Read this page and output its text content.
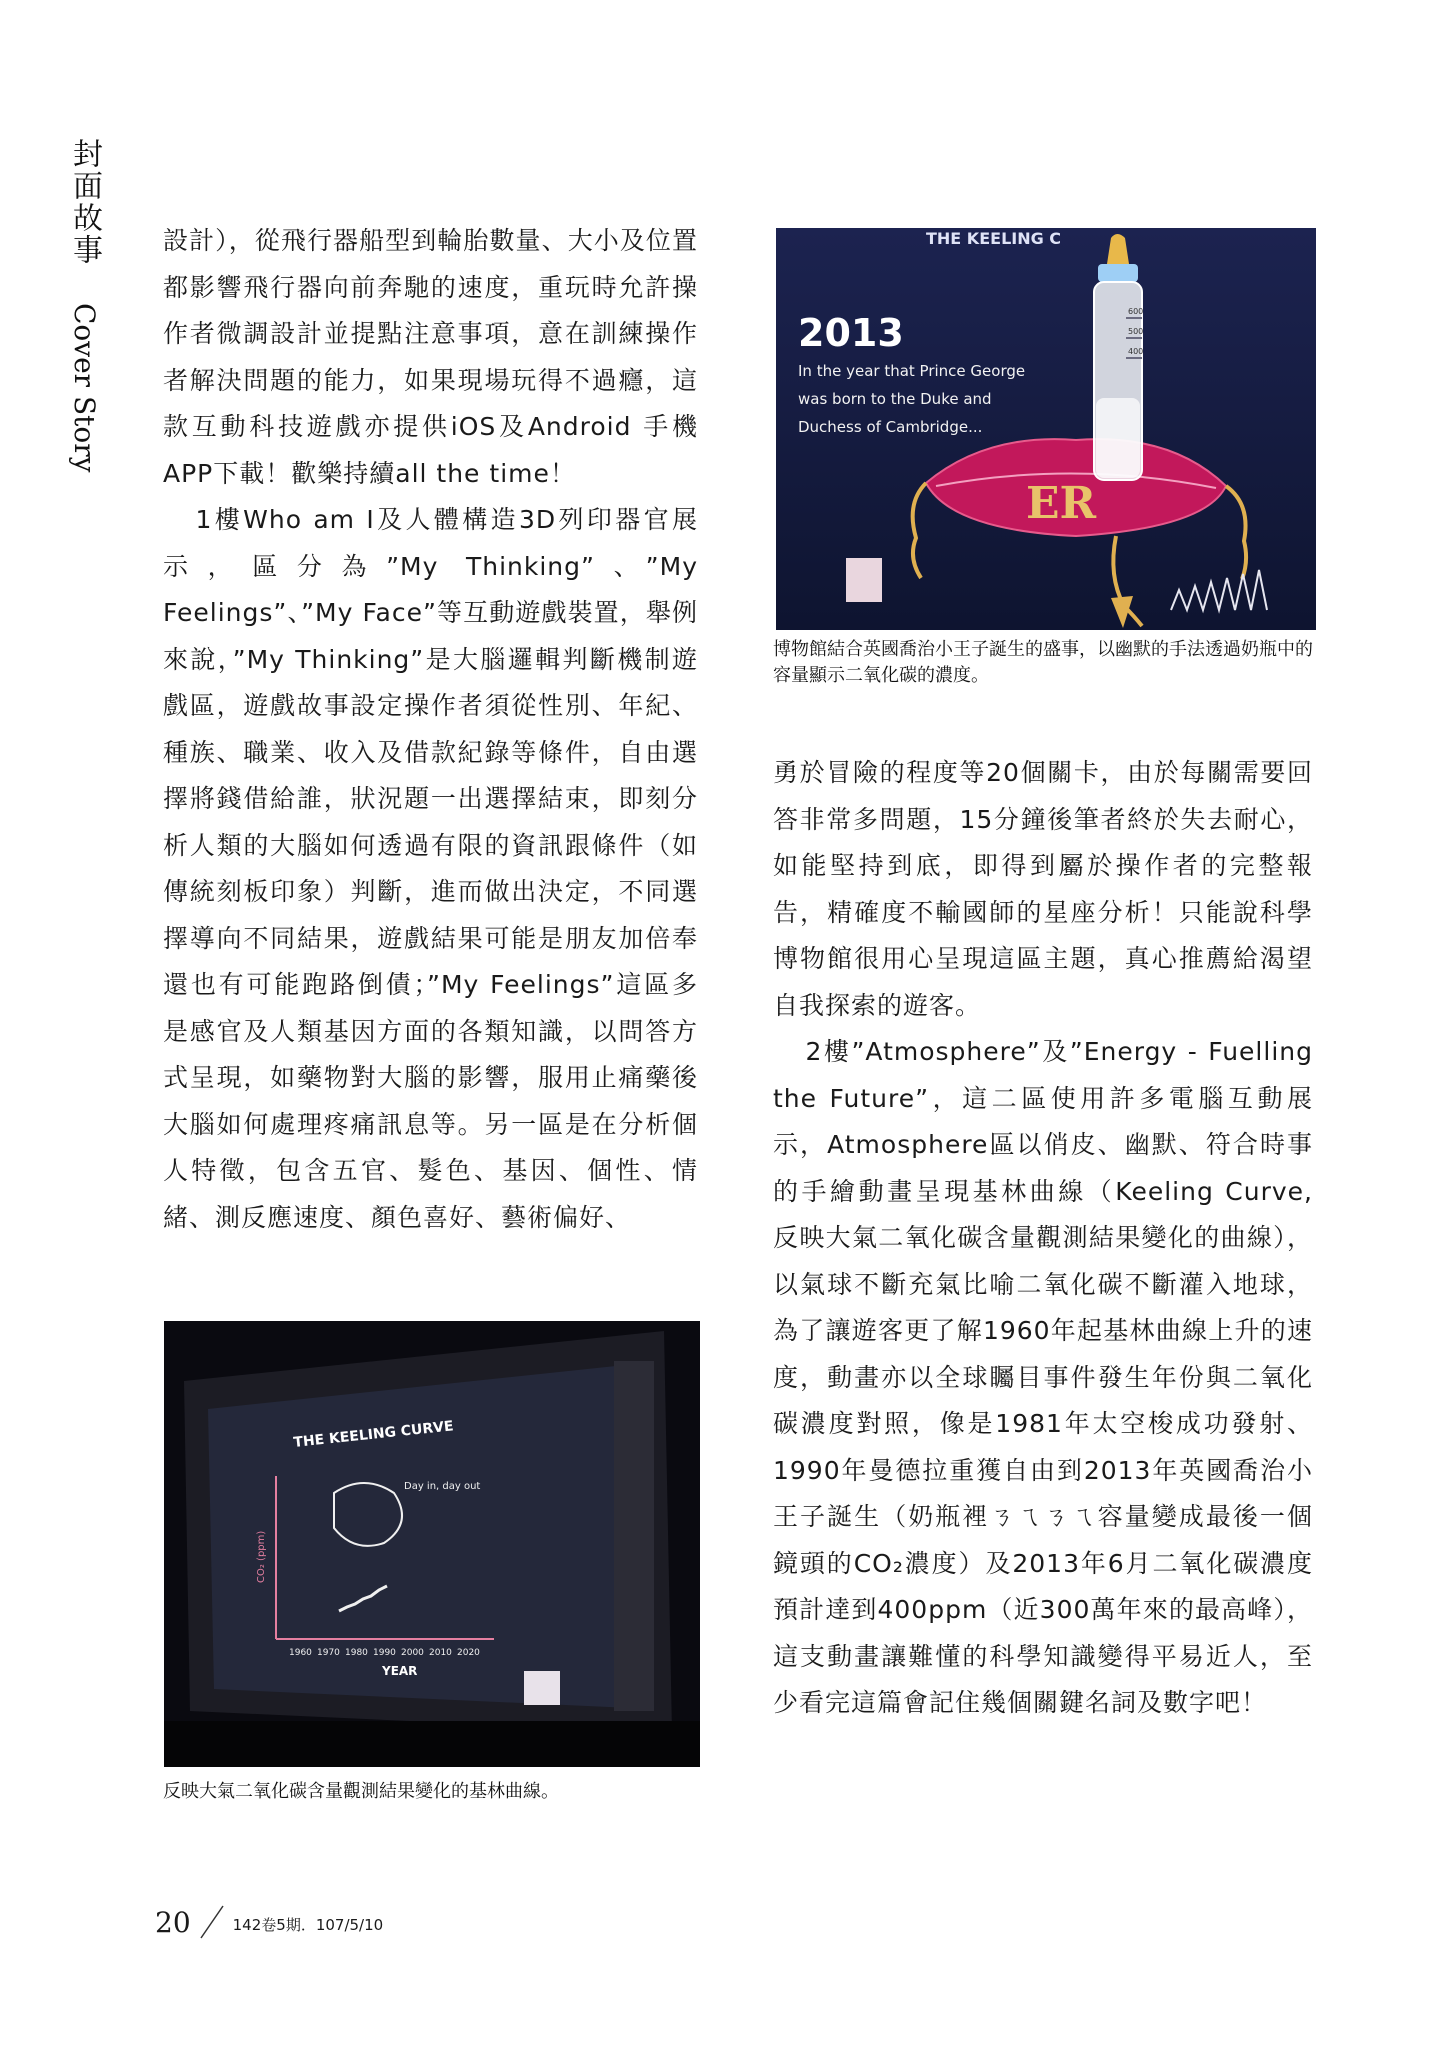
封面故事 Cover Story

設計），從飛行器船型到輪胎數量、大小及位置都影響飛行器向前奔馳的速度，重玩時允許操作者微調設計並提點注意事項，意在訓練操作者解決問題的能力，如果現場玩得不過癮，這款互動科技遊戲亦提供iOS及Android 手機APP下載！歡樂持續all the time！

1樓Who am I及人體構造3D列印器官展示，區分為”My Thinking”、”My Feelings”、”My Face”等互動遊戲裝置，舉例來說，”My Thinking”是大腦邏輯判斷機制遊戲區，遊戲故事設定操作者須從性別、年紀、種族、職業、收入及借款紀錄等條件，自由選擇將錢借給誰，狀況題一出選擇結束，即刻分析人類的大腦如何透過有限的資訊跟條件（如傳統刻板印象）判斷，進而做出決定，不同選擇導向不同結果，遊戲結果可能是朋友加倍奉還也有可能跑路倒債；”My Feelings”這區多是感官及人類基因方面的各類知識，以問答方式呈現，如藥物對大腦的影響，服用止痛藥後大腦如何處理疼痛訊息等。另一區是在分析個人特徵，包含五官、髮色、基因、個性、情緒、測反應速度、顏色喜好、藝術偏好、

THE KEELING C
2013
In the year that Prince George
was born to the Duke and
Duchess of Cambridge...
ER
600
500
400
博物館結合英國喬治小王子誕生的盛事，以幽默的手法透過奶瓶中的容量顯示二氧化碳的濃度。

勇於冒險的程度等20個關卡，由於每關需要回答非常多問題，15分鐘後筆者終於失去耐心，如能堅持到底，即得到屬於操作者的完整報告，精確度不輸國師的星座分析！只能說科學博物館很用心呈現這區主題，真心推薦給渴望自我探索的遊客。

2樓”Atmosphere”及”Energy - Fuelling the Future”，這二區使用許多電腦互動展示，Atmosphere區以俏皮、幽默、符合時事的手繪動畫呈現基林曲線（Keeling Curve, 反映大氣二氧化碳含量觀測結果變化的曲線），以氣球不斷充氣比喻二氧化碳不斷灌入地球，為了讓遊客更了解1960年起基林曲線上升的速度，動畫亦以全球矚目事件發生年份與二氧化碳濃度對照，像是1981年太空梭成功發射、1990年曼德拉重獲自由到2013年英國喬治小王子誕生（奶瓶裡ㄋㄟㄋㄟ容量變成最後一個鏡頭的CO₂濃度）及2013年6月二氧化碳濃度預計達到400ppm（近300萬年來的最高峰），這支動畫讓難懂的科學知識變得平易近人，至少看完這篇會記住幾個關鍵名詞及數字吧！

THE KEELING CURVE
CO₂ (ppm)
Day in, day out
1960 1970 1980 1990 2000 2010 2020
YEAR
反映大氣二氧化碳含量觀測結果變化的基林曲線。
20	142卷5期．107/5/10
